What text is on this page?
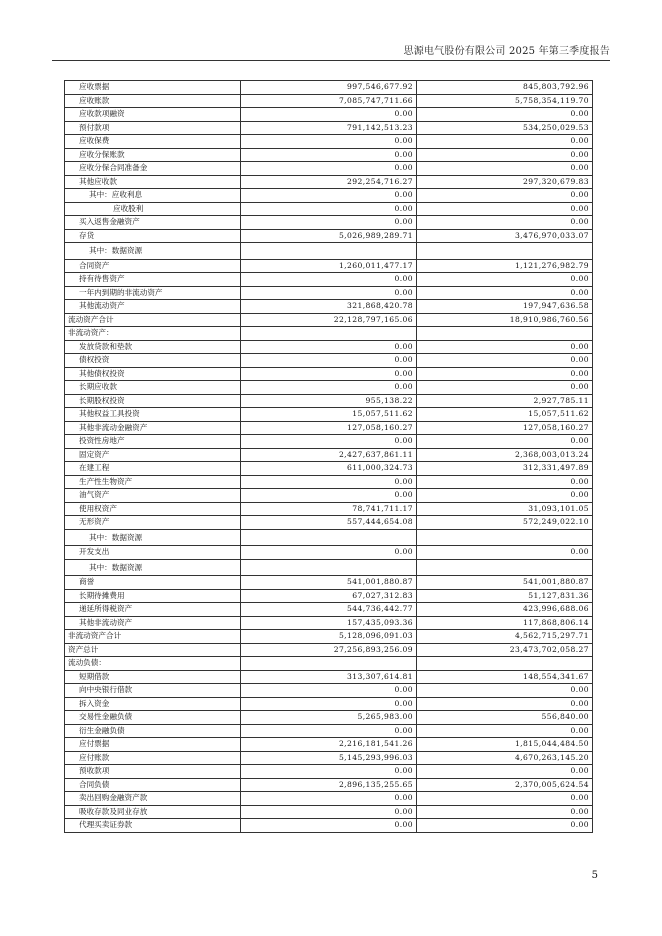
思源电气股份有限公司 2025 年第三季度报告
应收票据	997,546,677.92	845,803,792.96
应收账款	7,085,747,711.66	5,758,354,119.70
应收款项融资	0.00	0.00
预付款项	791,142,513.23	534,250,029.53
应收保费	0.00	0.00
应收分保账款	0.00	0.00
应收分保合同准备金	0.00	0.00
其他应收款	292,254,716.27	297,320,679.83
其中：应收利息	0.00	0.00
应收股利	0.00	0.00
买入返售金融资产	0.00	0.00
存货	5,026,989,289.71	3,476,970,033.07
其中：数据资源		
合同资产	1,260,011,477.17	1,121,276,982.79
持有待售资产	0.00	0.00
一年内到期的非流动资产	0.00	0.00
其他流动资产	321,868,420.78	197,947,636.58
流动资产合计	22,128,797,165.06	18,910,986,760.56
非流动资产：		
发放贷款和垫款	0.00	0.00
债权投资	0.00	0.00
其他债权投资	0.00	0.00
长期应收款	0.00	0.00
长期股权投资	955,138.22	2,927,785.11
其他权益工具投资	15,057,511.62	15,057,511.62
其他非流动金融资产	127,058,160.27	127,058,160.27
投资性房地产	0.00	0.00
固定资产	2,427,637,861.11	2,368,003,013.24
在建工程	611,000,324.73	312,331,497.89
生产性生物资产	0.00	0.00
油气资产	0.00	0.00
使用权资产	78,741,711.17	31,093,101.05
无形资产	557,444,654.08	572,249,022.10
其中：数据资源		
开发支出	0.00	0.00
其中：数据资源		
商誉	541,001,880.87	541,001,880.87
长期待摊费用	67,027,312.83	51,127,831.36
递延所得税资产	544,736,442.77	423,996,688.06
其他非流动资产	157,435,093.36	117,868,806.14
非流动资产合计	5,128,096,091.03	4,562,715,297.71
资产总计	27,256,893,256.09	23,473,702,058.27
流动负债：		
短期借款	313,307,614.81	148,554,341.67
向中央银行借款	0.00	0.00
拆入资金	0.00	0.00
交易性金融负债	5,265,983.00	556,840.00
衍生金融负债	0.00	0.00
应付票据	2,216,181,541.26	1,815,044,484.50
应付账款	5,145,293,996.03	4,670,263,145.20
预收款项	0.00	0.00
合同负债	2,896,135,255.65	2,370,005,624.54
卖出回购金融资产款	0.00	0.00
吸收存款及同业存放	0.00	0.00
代理买卖证券款	0.00	0.00
5
